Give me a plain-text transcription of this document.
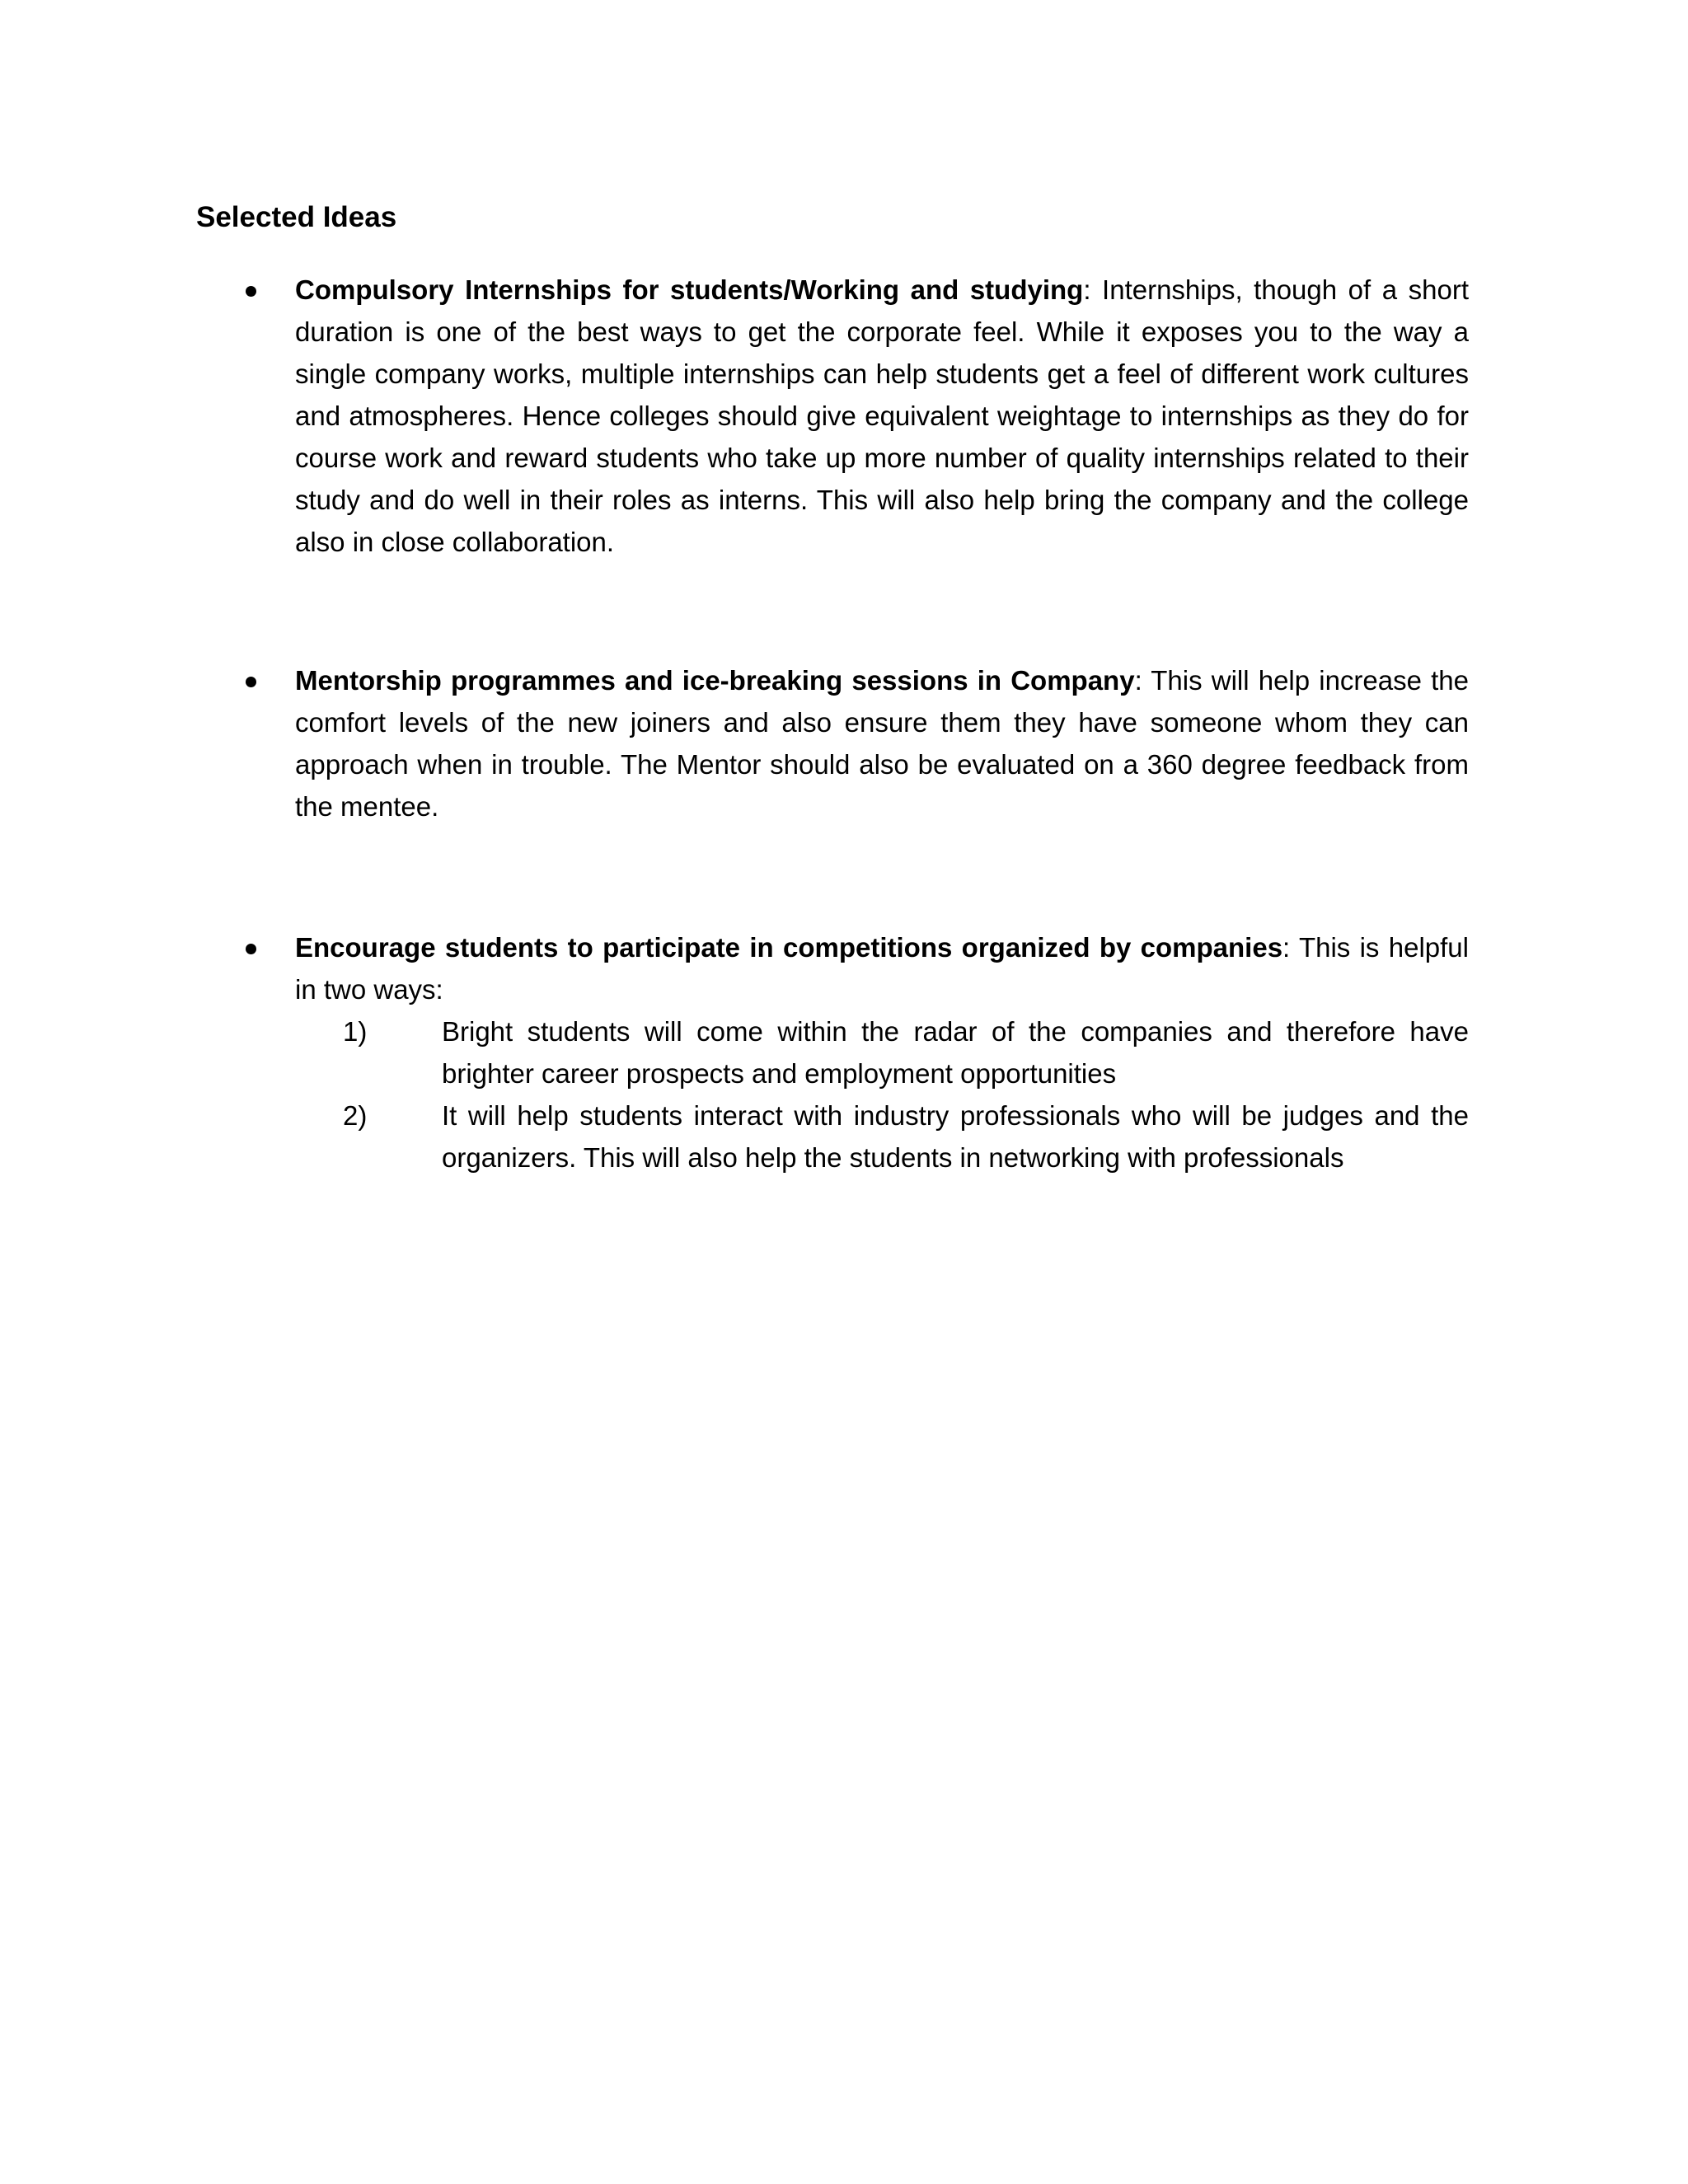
Selected Ideas

Compulsory Internships for students/Working and studying: Internships, though of a short duration is one of the best ways to get the corporate feel. While it exposes you to the way a single company works, multiple internships can help students get a feel of different work cultures and atmospheres. Hence colleges should give equivalent weightage to internships as they do for course work and reward students who take up more number of quality internships related to their study and do well in their roles as interns. This will also help bring the company and the college also in close collaboration.

Mentorship programmes and ice-breaking sessions in Company: This will help increase the comfort levels of the new joiners and also ensure them they have someone whom they can approach when in trouble. The Mentor should also be evaluated on a 360 degree feedback from the mentee.

Encourage students to participate in competitions organized by companies: This is helpful in two ways:

1)	Bright students will come within the radar of the companies and therefore have brighter career prospects and employment opportunities

2)	It will help students interact with industry professionals who will be judges and the organizers. This will also help the students in networking with professionals
